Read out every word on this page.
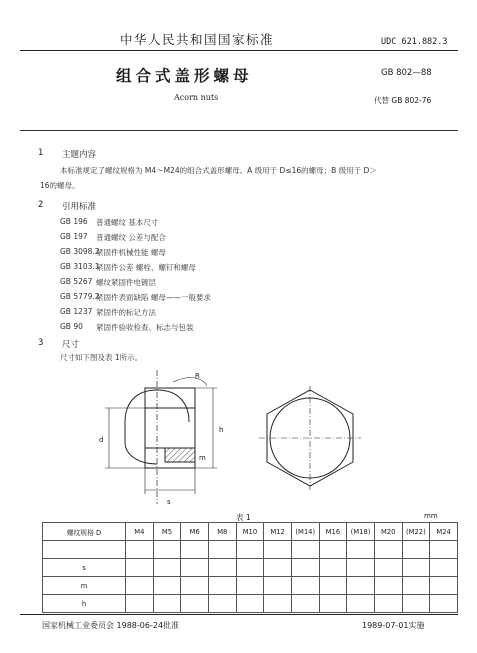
中华人民共和国国家标准	UDC 621.882.3
组合式盖形螺母	GB 802—88
Acorn nuts	代替 GB 802-76
1 主题内容
本标准规定了螺纹规格为 M4～M24的组合式盖形螺母。A 级用于 D≤16的螺母；B 级用于 D＞
16的螺母。
2 引用标准
GB 196 普通螺纹 基本尺寸
GB 197 普通螺纹 公差与配合
GB 3098.2
紧固件机械性能 螺母
GB 3103.1
紧固件公差 螺栓、螺钉和螺母
GB 5267 螺纹紧固件电镀层
GB 5779.2
紧固件表面缺陷 螺母——一般要求
GB 1237 紧固件的标记方法
GB 90 紧固件验收检查、标志与包装
3 尺寸
尺寸如下图及表 1所示。
R
d
s
h
m
表 1	mm
螺纹规格 D	M4	M5	M6	M8	M10	M12	(M14)	M16	(M18)	M20	(M22)	M24

s												
m												
h												
国家机械工业委员会 1988-06-24批准	1989-07-01实施
